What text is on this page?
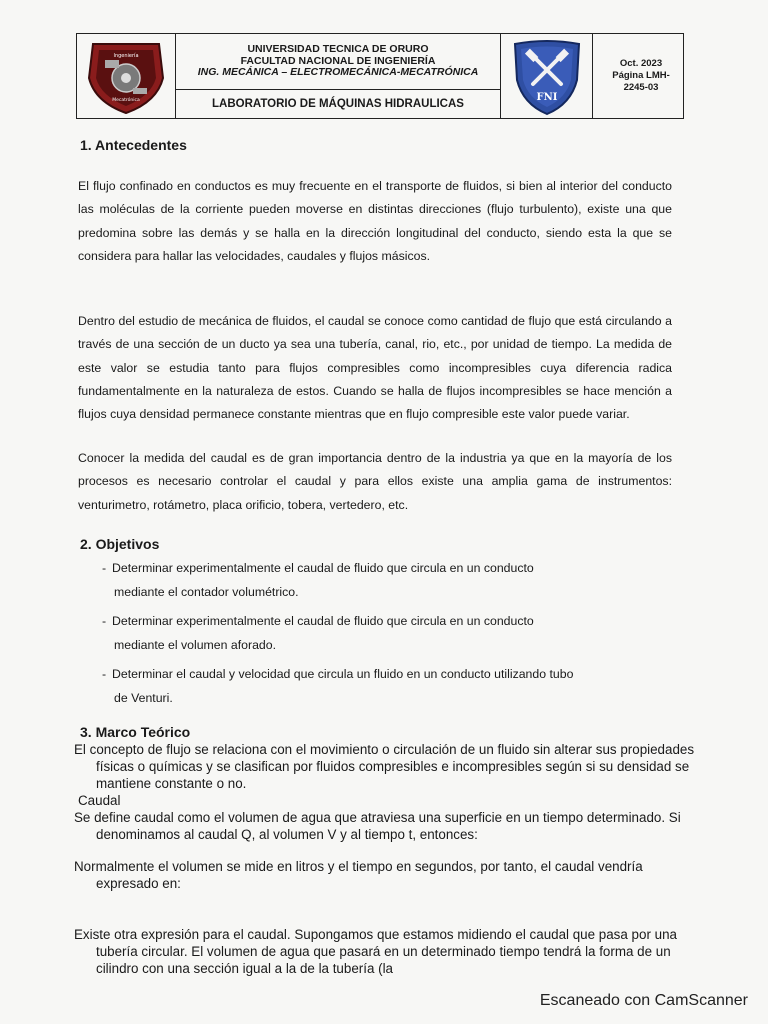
Ingeniería
Mecatrónica
UNIVERSIDAD TECNICA DE ORURO
FACULTAD NACIONAL DE INGENIERÍA
ING. MECÁNICA – ELECTROMECÁNICA-MECATRÓNICA
LABORATORIO DE MÁQUINAS HIDRAULICAS
FNI
Oct. 2023
Página LMH-
2245-03
1. Antecedentes
El flujo confinado en conductos es muy frecuente en el transporte de fluidos, si bien al interior del conducto las moléculas de la corriente pueden moverse en distintas direcciones (flujo turbulento), existe una que predomina sobre las demás y se halla en la dirección longitudinal del conducto, siendo esta la que se considera para hallar las velocidades, caudales y flujos másicos.
Dentro del estudio de mecánica de fluidos, el caudal se conoce como cantidad de flujo que está circulando a través de una sección de un ducto ya sea una tubería, canal, rio, etc., por unidad de tiempo. La medida de este valor se estudia tanto para flujos compresibles como incompresibles cuya diferencia radica fundamentalmente en la naturaleza de estos. Cuando se halla de flujos incompresibles se hace mención a flujos cuya densidad permanece constante mientras que en flujo compresible este valor puede variar.
Conocer la medida del caudal es de gran importancia dentro de la industria ya que en la mayoría de los procesos es necesario controlar el caudal y para ellos existe una amplia gama de instrumentos: venturimetro, rotámetro, placa orificio, tobera, vertedero, etc.
2. Objetivos
- Determinar experimentalmente el caudal de fluido que circula en un conducto
mediante el contador volumétrico.
- Determinar experimentalmente el caudal de fluido que circula en un conducto
mediante el volumen aforado.
- Determinar el caudal y velocidad que circula un fluido en un conducto utilizando tubo
de Venturi.
3. Marco Teórico
El concepto de flujo se relaciona con el movimiento o circulación de un fluido sin alterar sus propiedades físicas o químicas y se clasifican por fluidos compresibles e incompresibles según si su densidad se mantiene constante o no.
Caudal
Se define caudal como el volumen de agua que atraviesa una superficie en un tiempo determinado. Si denominamos al caudal Q, al volumen V y al tiempo t, entonces:
Normalmente el volumen se mide en litros y el tiempo en segundos, por tanto, el caudal vendría expresado en:
Existe otra expresión para el caudal. Supongamos que estamos midiendo el caudal que pasa por una tubería circular. El volumen de agua que pasará en un determinado tiempo tendrá la forma de un cilindro con una sección igual a la de la tubería (la
Escaneado con CamScanner
